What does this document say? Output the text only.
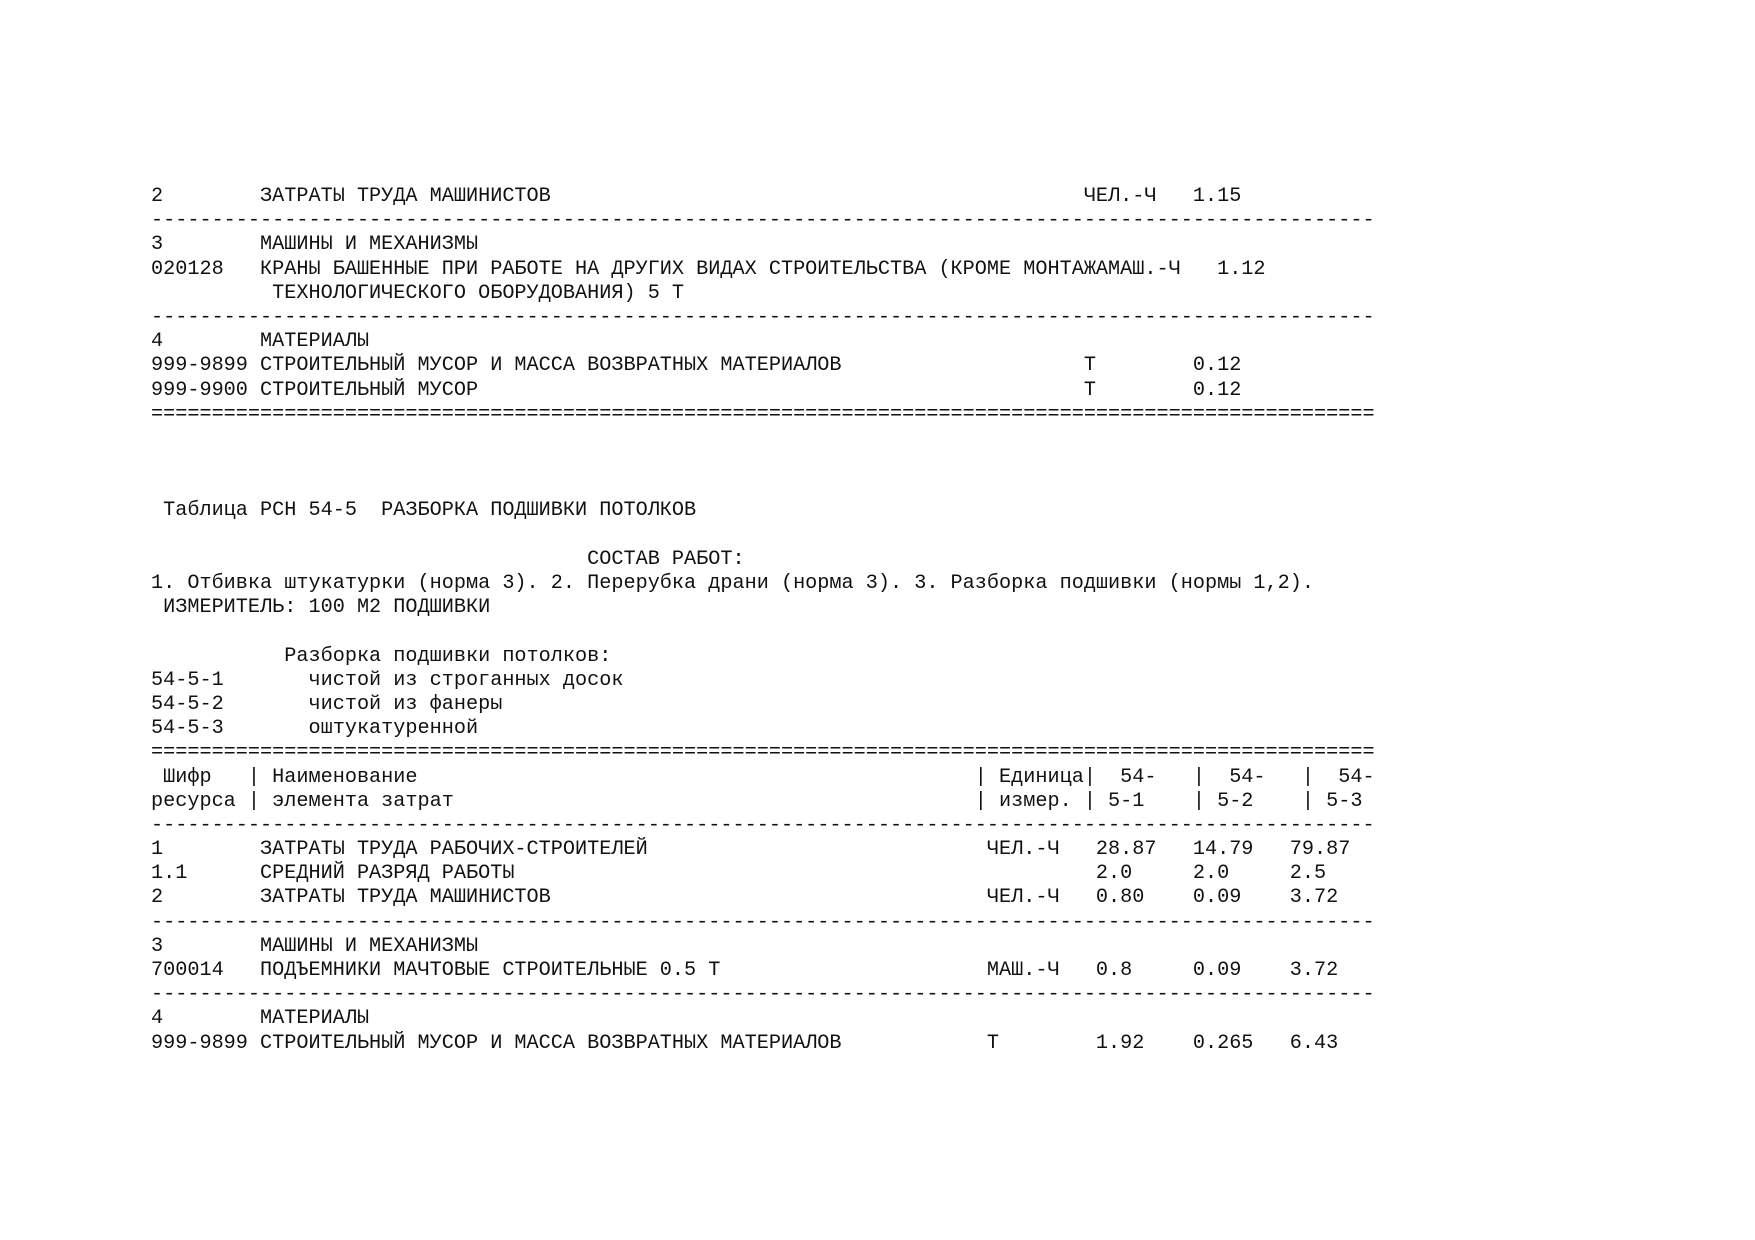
2        ЗАТРАТЫ ТРУДА МАШИНИСТОВ                                            ЧЕЛ.-Ч   1.15
-----------------------------------------------------------------------------------------------------
3        МАШИНЫ И МЕХАНИЗМЫ
020128   КРАНЫ БАШЕННЫЕ ПРИ РАБОТЕ НА ДРУГИХ ВИДАХ СТРОИТЕЛЬСТВА (КРОМЕ МОНТАЖАМАШ.-Ч   1.12
ТЕХНОЛОГИЧЕСКОГО ОБОРУДОВАНИЯ) 5 Т
-----------------------------------------------------------------------------------------------------
4        МАТЕРИАЛЫ
999-9899 СТРОИТЕЛЬНЫЙ МУСОР И МАССА ВОЗВРАТНЫХ МАТЕРИАЛОВ                    Т        0.12
999-9900 СТРОИТЕЛЬНЫЙ МУСОР                                                  Т        0.12
=====================================================================================================
Таблица РСН 54-5  РАЗБОРКА ПОДШИВКИ ПОТОЛКОВ
СОСТАВ РАБОТ:
1. Отбивка штукатурки (норма 3). 2. Перерубка драни (норма 3). 3. Разборка подшивки (нормы 1,2).
ИЗМЕРИТЕЛЬ: 100 М2 ПОДШИВКИ
Разборка подшивки потолков:
54-5-1       чистой из строганных досок
54-5-2       чистой из фанеры
54-5-3       оштукатуренной
=====================================================================================================
Шифр   | Наименование                                              | Единица|  54-   |  54-   |  54-
ресурса | элемента затрат                                           | измер. | 5-1    | 5-2    | 5-3
-----------------------------------------------------------------------------------------------------
1        ЗАТРАТЫ ТРУДА РАБОЧИХ-СТРОИТЕЛЕЙ                            ЧЕЛ.-Ч   28.87   14.79   79.87
1.1      СРЕДНИЙ РАЗРЯД РАБОТЫ                                                2.0     2.0     2.5
2        ЗАТРАТЫ ТРУДА МАШИНИСТОВ                                    ЧЕЛ.-Ч   0.80    0.09    3.72
-----------------------------------------------------------------------------------------------------
3        МАШИНЫ И МЕХАНИЗМЫ
700014   ПОДЪЕМНИКИ МАЧТОВЫЕ СТРОИТЕЛЬНЫЕ 0.5 Т                      МАШ.-Ч   0.8     0.09    3.72
-----------------------------------------------------------------------------------------------------
4        МАТЕРИАЛЫ
999-9899 СТРОИТЕЛЬНЫЙ МУСОР И МАССА ВОЗВРАТНЫХ МАТЕРИАЛОВ            Т        1.92    0.265   6.43
